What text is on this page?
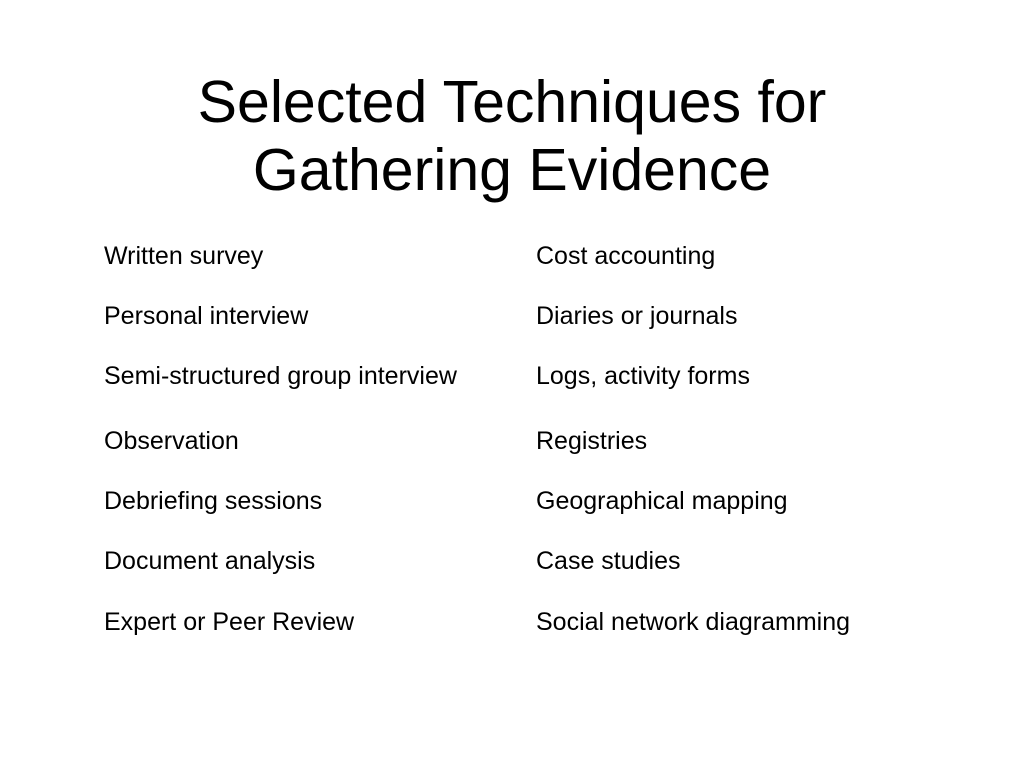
Selected Techniques for
Gathering Evidence
Written survey
Personal interview
Semi-structured group interview
Observation
Debriefing sessions
Document analysis
Expert or Peer Review
Cost accounting
Diaries or journals
Logs, activity forms
Registries
Geographical mapping
Case studies
Social network diagramming
